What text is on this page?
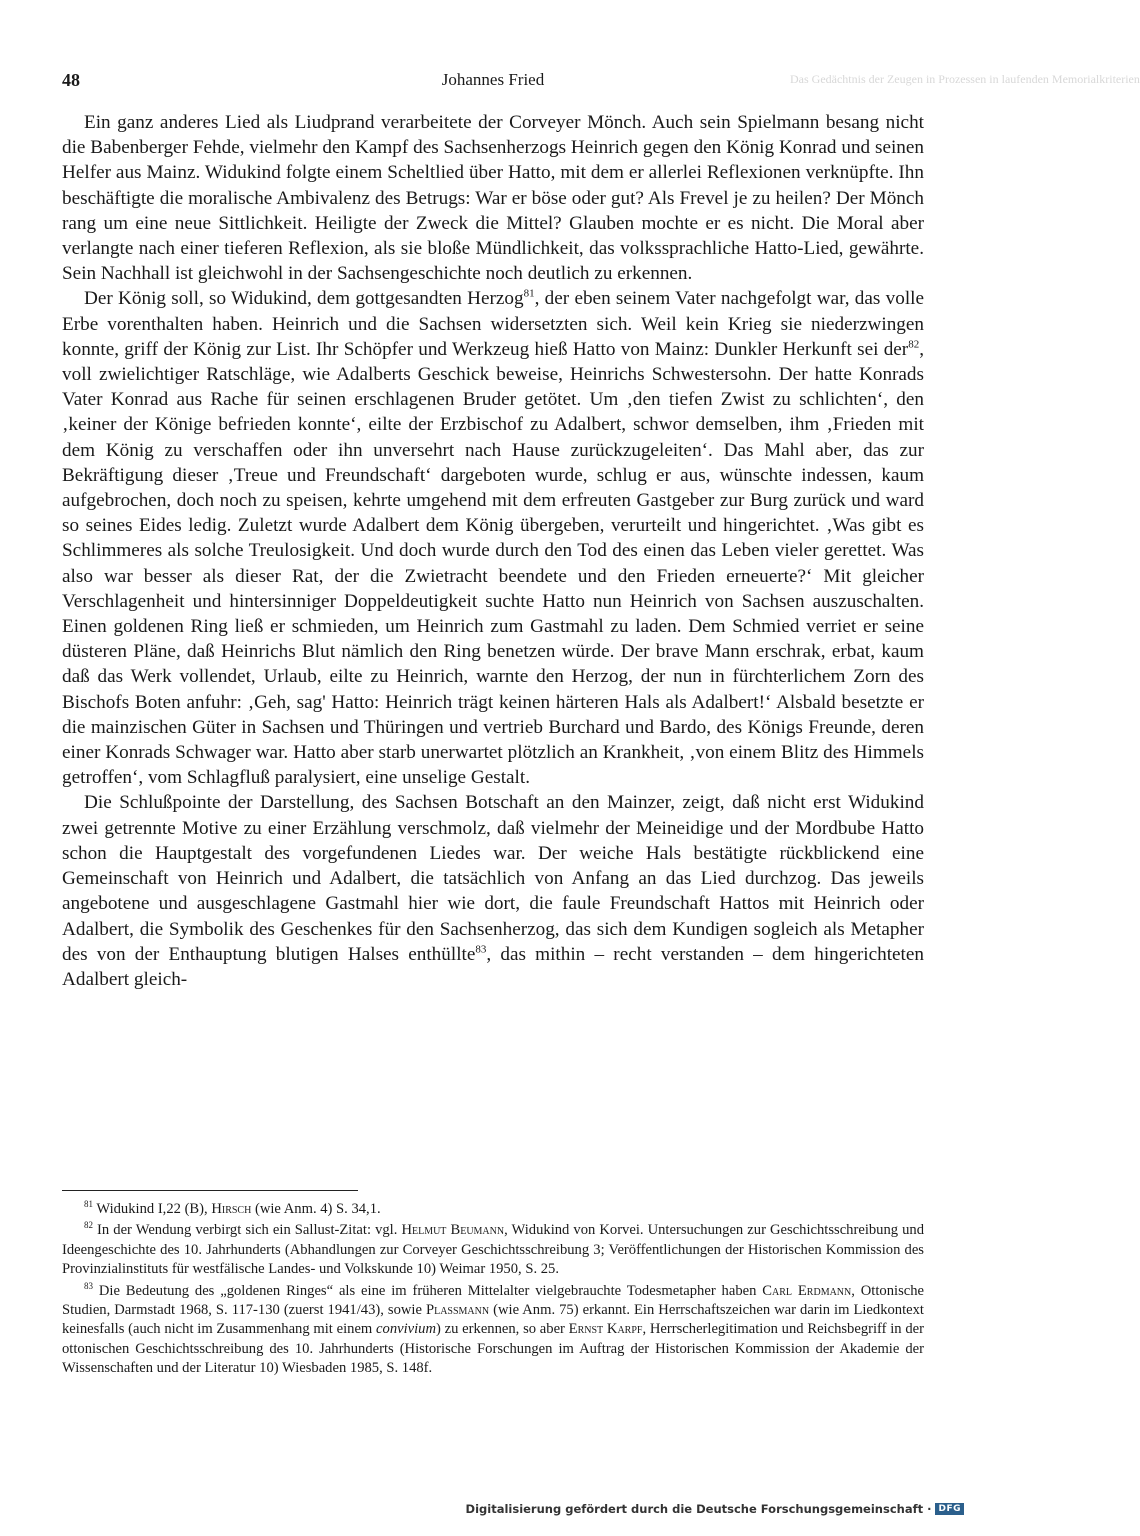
Das Gedächtnis der Zeugen in Prozessen in laufenden Memorialkriterien
48	Johannes Fried

Ein ganz anderes Lied als Liudprand verarbeitete der Corveyer Mönch. Auch sein Spielmann besang nicht die Babenberger Fehde, vielmehr den Kampf des Sachsenherzogs Heinrich gegen den König Konrad und seinen Helfer aus Mainz. Widukind folgte einem Scheltlied über Hatto, mit dem er allerlei Reflexionen verknüpfte. Ihn beschäftigte die moralische Ambivalenz des Betrugs: War er böse oder gut? Als Frevel je zu heilen? Der Mönch rang um eine neue Sittlichkeit. Heiligte der Zweck die Mittel? Glauben mochte er es nicht. Die Moral aber verlangte nach einer tieferen Reflexion, als sie bloße Mündlichkeit, das volkssprachliche Hatto-Lied, gewährte. Sein Nachhall ist gleichwohl in der Sachsengeschichte noch deutlich zu erkennen.

Der König soll, so Widukind, dem gottgesandten Herzog$^{81}$, der eben seinem Vater nachgefolgt war, das volle Erbe vorenthalten haben. Heinrich und die Sachsen widersetzten sich. Weil kein Krieg sie niederzwingen konnte, griff der König zur List. Ihr Schöpfer und Werkzeug hieß Hatto von Mainz: Dunkler Herkunft sei der$^{82}$, voll zwielichtiger Ratschläge, wie Adalberts Geschick beweise, Heinrichs Schwestersohn. Der hatte Konrads Vater Konrad aus Rache für seinen erschlagenen Bruder getötet. Um ‚den tiefen Zwist zu schlichten‘, den ‚keiner der Könige befrieden konnte‘, eilte der Erzbischof zu Adalbert, schwor demselben, ihm ‚Frieden mit dem König zu verschaffen oder ihn unversehrt nach Hause zurückzugeleiten‘. Das Mahl aber, das zur Bekräftigung dieser ‚Treue und Freundschaft‘ dargeboten wurde, schlug er aus, wünschte indessen, kaum aufgebrochen, doch noch zu speisen, kehrte umgehend mit dem erfreuten Gastgeber zur Burg zurück und ward so seines Eides ledig. Zuletzt wurde Adalbert dem König übergeben, verurteilt und hingerichtet. ‚Was gibt es Schlimmeres als solche Treulosigkeit. Und doch wurde durch den Tod des einen das Leben vieler gerettet. Was also war besser als dieser Rat, der die Zwietracht beendete und den Frieden erneuerte?‘ Mit gleicher Verschlagenheit und hintersinniger Doppeldeutigkeit suchte Hatto nun Heinrich von Sachsen auszuschalten. Einen goldenen Ring ließ er schmieden, um Heinrich zum Gastmahl zu laden. Dem Schmied verriet er seine düsteren Pläne, daß Heinrichs Blut nämlich den Ring benetzen würde. Der brave Mann erschrak, erbat, kaum daß das Werk vollendet, Urlaub, eilte zu Heinrich, warnte den Herzog, der nun in fürchterlichem Zorn des Bischofs Boten anfuhr: ‚Geh, sag' Hatto: Heinrich trägt keinen härteren Hals als Adalbert!‘ Alsbald besetzte er die mainzischen Güter in Sachsen und Thüringen und vertrieb Burchard und Bardo, des Königs Freunde, deren einer Konrads Schwager war. Hatto aber starb unerwartet plötzlich an Krankheit, ‚von einem Blitz des Himmels getroffen‘, vom Schlagfluß paralysiert, eine unselige Gestalt.

Die Schlußpointe der Darstellung, des Sachsen Botschaft an den Mainzer, zeigt, daß nicht erst Widukind zwei getrennte Motive zu einer Erzählung verschmolz, daß vielmehr der Meineidige und der Mordbube Hatto schon die Hauptgestalt des vorgefundenen Liedes war. Der weiche Hals bestätigte rückblickend eine Gemeinschaft von Heinrich und Adalbert, die tatsächlich von Anfang an das Lied durchzog. Das jeweils angebotene und ausgeschlagene Gastmahl hier wie dort, die faule Freundschaft Hattos mit Heinrich oder Adalbert, die Symbolik des Geschenkes für den Sachsenherzog, das sich dem Kundigen sogleich als Metapher des von der Enthauptung blutigen Halses enthüllte$^{83}$, das mithin – recht verstanden – dem hingerichteten Adalbert gleich-

$^{81}$ Widukind I,22 (B), Hirsch (wie Anm. 4) S. 34,1.

$^{82}$ In der Wendung verbirgt sich ein Sallust-Zitat: vgl. Helmut Beumann, Widukind von Korvei. Untersuchungen zur Geschichtsschreibung und Ideengeschichte des 10. Jahrhunderts (Abhandlungen zur Corveyer Geschichtsschreibung 3; Veröffentlichungen der Historischen Kommission des Provinzialinstituts für westfälische Landes- und Volkskunde 10) Weimar 1950, S. 25.

$^{83}$ Die Bedeutung des „goldenen Ringes“ als eine im früheren Mittelalter vielgebrauchte Todesmetapher haben Carl Erdmann, Ottonische Studien, Darmstadt 1968, S. 117-130 (zuerst 1941/43), sowie Plassmann (wie Anm. 75) erkannt. Ein Herrschaftszeichen war darin im Liedkontext keinesfalls (auch nicht im Zusammenhang mit einem convivium) zu erkennen, so aber Ernst Karpf, Herrscherlegitimation und Reichsbegriff in der ottonischen Geschichtsschreibung des 10. Jahrhunderts (Historische Forschungen im Auftrag der Historischen Kommission der Akademie der Wissenschaften und der Literatur 10) Wiesbaden 1985, S. 148f.

Digitalisierung gefördert durch die Deutsche Forschungsgemeinschaft · DFG
